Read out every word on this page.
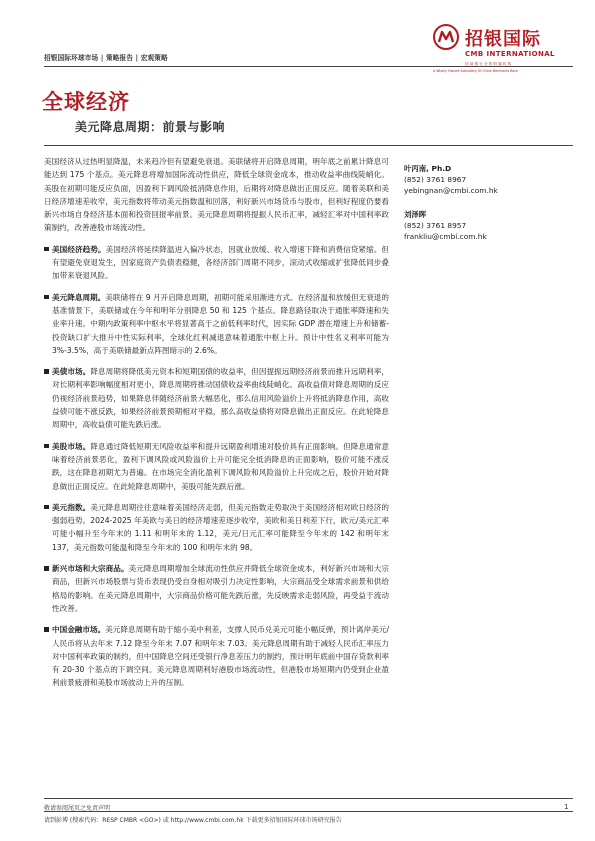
招银国际环球市场 | 策略报告 | 宏观策略
招银国际
CMB INTERNATIONAL
招 商 银 行 全 资 附 属 机 构
A Wholly Owned Subsidiary Of China Merchants Bank
全球经济
美元降息周期：前景与影响

美国经济从过热明显降温，未来趋冷但有望避免衰退。美联储将开启降息周期，明年底之前累计降息可能达到 175 个基点。美元降息将增加国际流动性供应，降低全球资金成本，推动收益率曲线陡峭化。美股在初期可能反应负面，因盈利下调风险抵消降息作用，后期将对降息做出正面反应。随着美联和美日经济增速差收窄，美元指数将带动美元指数温和回落，利好新兴市场货币与股市，但利好程度仍要看新兴市场自身经济基本面和投资回报率前景。美元降息周期将提振人民币汇率，减轻汇率对中国利率政策制约，改善港股市场流动性。

美国经济趋势。美国经济将延续降温进入偏冷状态，因就业放缓、收入增速下降和消费信贷紧缩。但有望避免衰退发生，因家庭资产负债表稳健，各经济部门周期不同步，滚动式收缩或扩张降低同步叠加带来衰退风险。

美元降息周期。美联储将在 9 月开启降息周期，初期可能采用渐进方式。在经济温和放缓但无衰退的基准情景下，美联储或在今年和明年分别降息 50 和 125 个基点。降息路径取决于通胀率降速和失业率升速。中期内政策利率中枢水平将显著高于之前低利率时代，因实际 GDP 潜在增速上升和储蓄-投资缺口扩大推升中性实际利率，全球化红利减退意味着通胀中枢上升。预计中性名义利率可能为 3%-3.5%，高于美联储最新点阵图暗示的 2.6%。

美债市场。降息周期将降低美元资本和短期国债的收益率，但因提振远期经济前景而推升远期利率，对长期利率影响幅度相对更小，降息周期将推动国债收益率曲线陡峭化。高收益债对降息周期的反应仍视经济前景趋势，如果降息伴随经济前景大幅恶化，那么信用风险溢价上升将抵消降息作用，高收益债可能不涨反跌，如果经济前景预期相对平稳，那么高收益债将对降息做出正面反应。在此轮降息周期中，高收益债可能先跌后涨。

美股市场。降息通过降低短期无风险收益率和提升远期盈利增速对股价具有正面影响。但降息通常意味着经济前景恶化，盈利下调风险或风险溢价上升可能完全抵消降息的正面影响，股价可能不涨反跌，这在降息初期尤为普遍。在市场完全消化盈利下调风险和风险溢价上升完成之后，股价开始对降息做出正面反应。在此轮降息周期中，美股可能先跌后涨。

美元指数。美元降息周期往往意味着美国经济走弱，但美元指数走势取决于美国经济相对欧日经济的强弱趋势。2024-2025 年美欧与美日的经济增速差逐步收窄，美欧和美日利差下行，欧元/美元汇率可能小幅升至今年末的 1.11 和明年末的 1.12，美元/日元汇率可能降至今年末的 142 和明年末 137，美元指数可能温和降至今年末的 100 和明年末的 98。

新兴市场和大宗商品。美元降息周期增加全球流动性供应并降低全球资金成本，利好新兴市场和大宗商品，但新兴市场股票与货币表现仍受自身相对吸引力决定性影响，大宗商品受全球需求前景和供给格局的影响。在美元降息周期中，大宗商品价格可能先跌后涨，先反映需求走弱风险，再受益于流动性改善。

中国金融市场。美元降息周期有助于缩小美中利差，支撑人民币兑美元可能小幅反弹，预计离岸美元/人民币将从去年末 7.12 降至今年末 7.07 和明年末 7.03。美元降息周期有助于减轻人民币汇率压力对中国利率政策的制约，但中国降息空间还受银行净息差压力的制约，预计明年底前中国存贷款利率有 20-30 个基点的下调空间。美元降息周期利好港股市场流动性，但港股市场短期内仍受到企业盈利前景疲滑和美股市场波动上升的压制。

叶丙南, Ph.D
(852) 3761 8967
yebingnan@cmbi.com.hk
刘泽晖
(852) 3761 8957
frankliu@cmbi.com.hk
敬请参阅尾页之免责声明	1
请到彭博 (搜索代码：RESP CMBR <GO>) 或 http://www.cmbi.com.hk 下载更多招银国际环球市场研究报告
